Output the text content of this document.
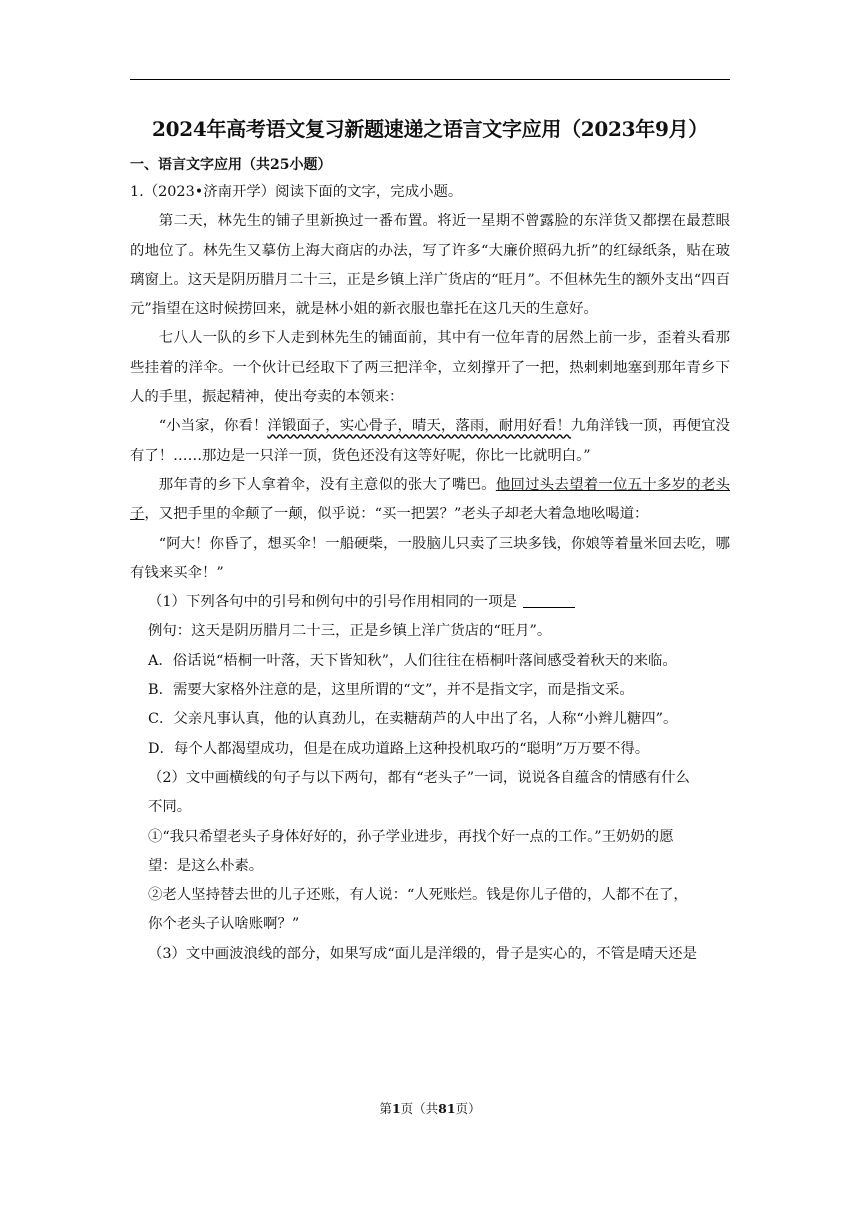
2024年高考语文复习新题速递之语言文字应用（2023年9月）

一、语言文字应用（共25小题）

1.（2023•济南开学）阅读下面的文字，完成小题。

第二天，林先生的铺子里新换过一番布置。将近一星期不曾露脸的东洋货又都摆在最惹眼的地位了。林先生又摹仿上海大商店的办法，写了许多“大廉价照码九折”的红绿纸条，贴在玻璃窗上。这天是阴历腊月二十三，正是乡镇上洋广货店的“旺月”。不但林先生的额外支出“四百元”指望在这时候捞回来，就是林小姐的新衣服也靠托在这几天的生意好。

七八人一队的乡下人走到林先生的铺面前，其中有一位年青的居然上前一步，歪着头看那些挂着的洋伞。一个伙计已经取下了两三把洋伞，立刻撑开了一把，热剌剌地塞到那年青乡下人的手里，振起精神，使出夸卖的本领来：

“小当家，你看！洋锻面子，实心骨子，晴天，落雨，耐用好看！九角洋钱一顶，再便宜没有了！……那边是一只洋一顶，货色还没有这等好呢，你比一比就明白。”

那年青的乡下人拿着伞，没有主意似的张大了嘴巴。他回过头去望着一位五十多岁的老头子，又把手里的伞颠了一颠，似乎说：“买一把罢？”老头子却老大着急地吆喝道：

“阿大！你昏了，想买伞！一船硬柴，一股脑儿只卖了三块多钱，你娘等着量米回去吃，哪有钱来买伞！”

（1）下列各句中的引号和例句中的引号作用相同的一项是

例句：这天是阴历腊月二十三，正是乡镇上洋广货店的“旺月”。

A．俗话说“梧桐一叶落，天下皆知秋”，人们往往在梧桐叶落间感受着秋天的来临。

B．需要大家格外注意的是，这里所谓的“文”，并不是指文字，而是指文采。

C．父亲凡事认真，他的认真劲儿，在卖糖葫芦的人中出了名，人称“小辫儿糖四”。

D．每个人都渴望成功，但是在成功道路上这种投机取巧的“聪明”万万要不得。

（2）文中画横线的句子与以下两句，都有“老头子”一词，说说各自蕴含的情感有什么

不同。

①“我只希望老头子身体好好的，孙子学业进步，再找个好一点的工作。”王奶奶的愿

望：是这么朴素。

②老人坚持替去世的儿子还账，有人说：“人死账烂。钱是你儿子借的，人都不在了，

你个老头子认啥账啊？”

（3）文中画波浪线的部分，如果写成“面儿是洋缎的，骨子是实心的，不管是晴天还是

第1页（共81页）
